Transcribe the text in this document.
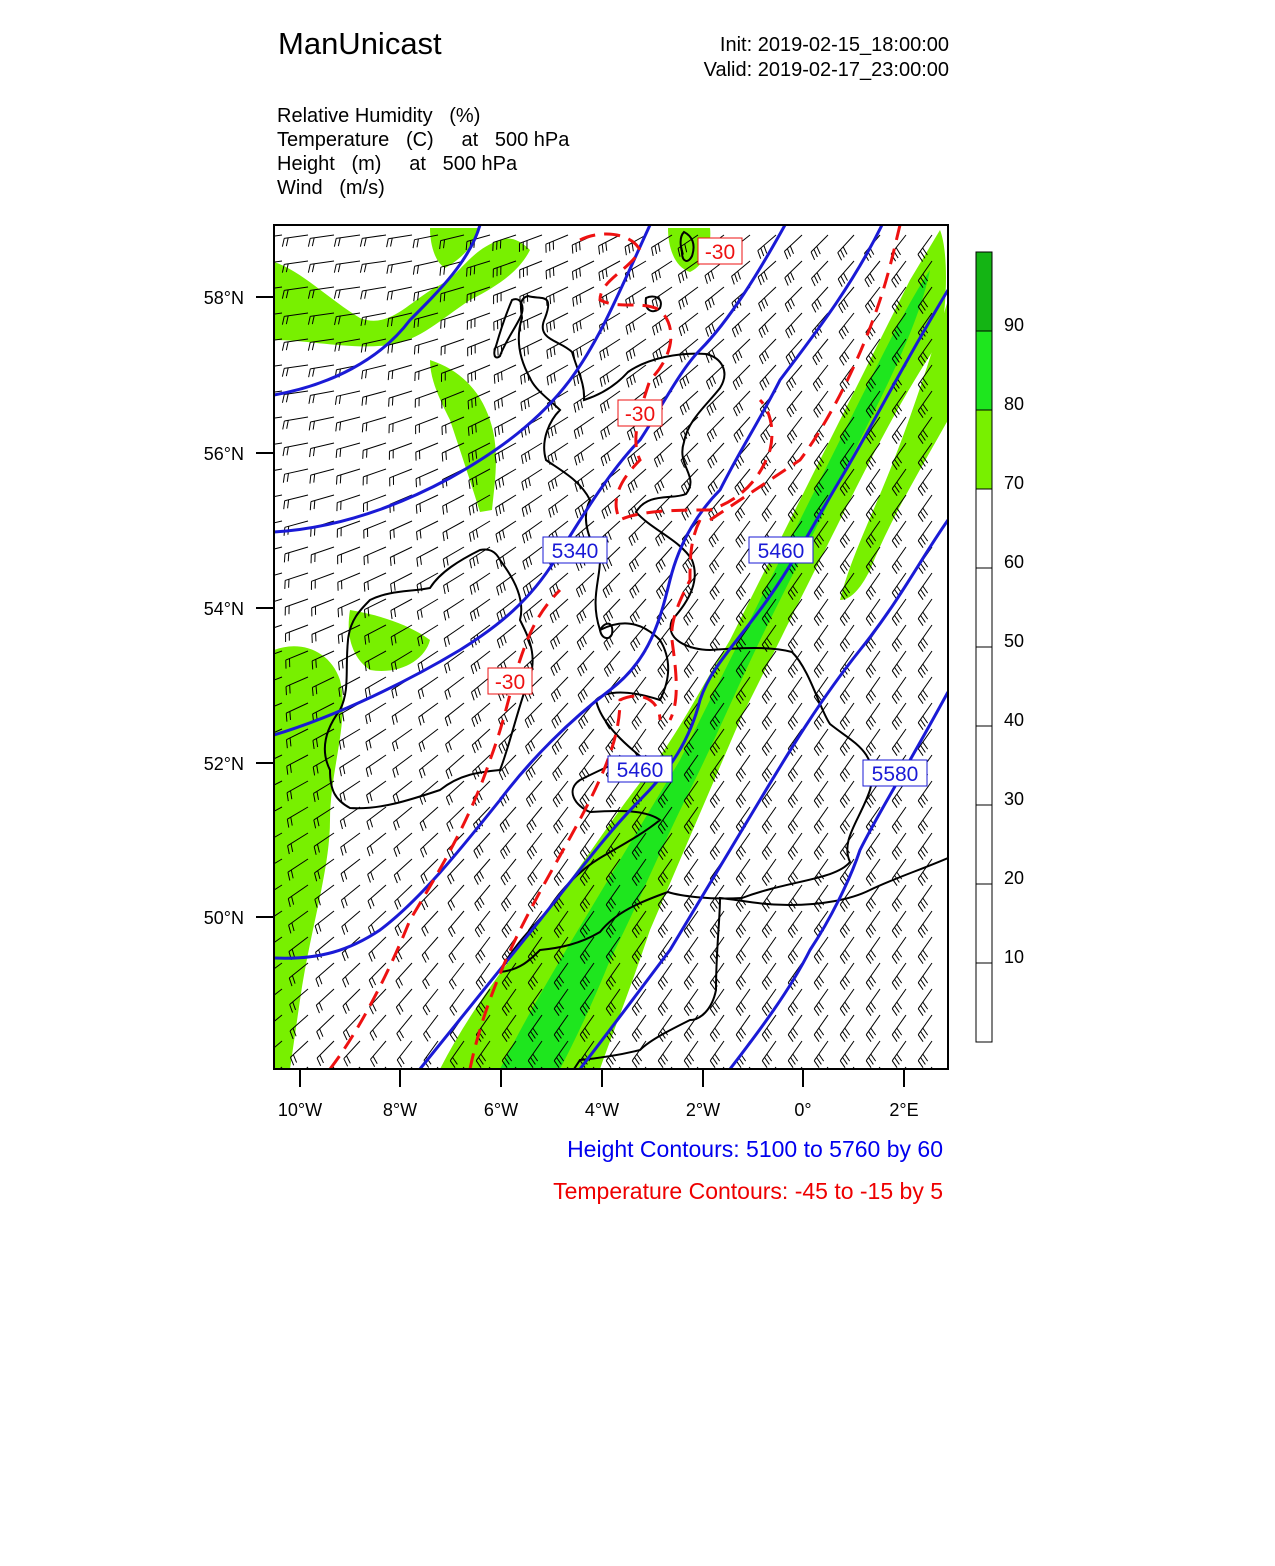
ManUnicast	Init: 2019-02-15_18:00:00
Valid: 2019-02-17_23:00:00
Relative Humidity   (%)
Temperature   (C)     at   500 hPa
Height   (m)     at   500 hPa
Wind   (m/s)
5340	5460
5460	5580
-30
-30
-30
58°N
56°N
54°N
52°N
50°N
10°W	8°W	6°W	4°W	2°W	0°	2°E
90
80
70
60
50
40
30
20
10
Height Contours: 5100 to 5760 by 60
Temperature Contours: -45 to -15 by 5
